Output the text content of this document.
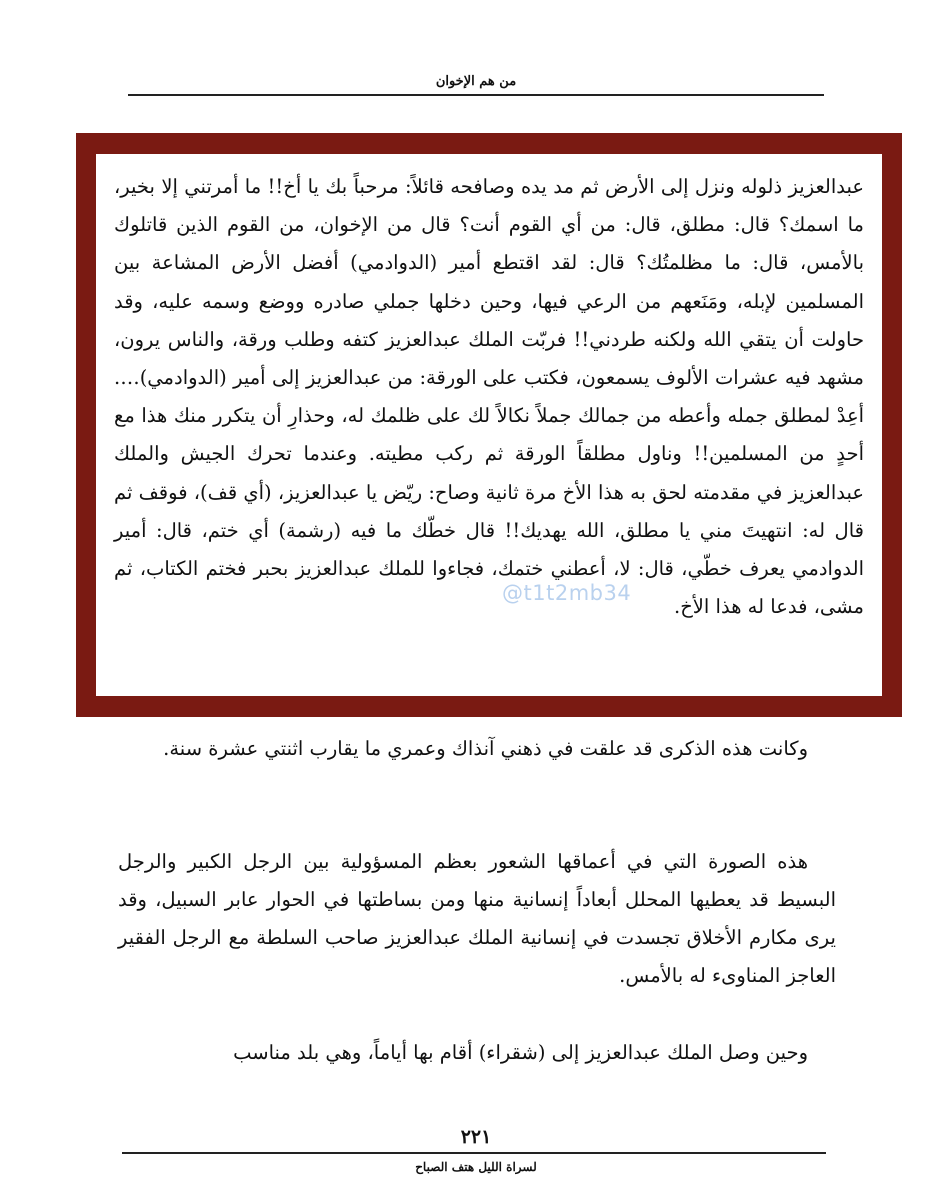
من هم الإخوان

عبدالعزيز ذلوله ونزل إلى الأرض ثم مد يده وصافحه قائلاً: مرحباً بك يا أخ!! ما أمرتني إلا بخير، ما اسمك؟ قال: مطلق، قال: من أي القوم أنت؟ قال من الإخوان، من القوم الذين قاتلوك بالأمس، قال: ما مظلمتُك؟ قال: لقد اقتطع أمير (الدوادمي) أفضل الأرض المشاعة بين المسلمين لإبله، ومَنَعهم من الرعي فيها، وحين دخلها جملي صادره ووضع وسمه عليه، وقد حاولت أن يتقي الله ولكنه طردني!! فربّت الملك عبدالعزيز كتفه وطلب ورقة، والناس يرون، مشهد فيه عشرات الألوف يسمعون، فكتب على الورقة: من عبدالعزيز إلى أمير (الدوادمي)…. أعِدْ لمطلق جمله وأعطه من جمالك جملاً نكالاً لك على ظلمك له، وحذارِ أن يتكرر منك هذا مع أحدٍ من المسلمين!! وناول مطلقاً الورقة ثم ركب مطيته. وعندما تحرك الجيش والملك عبدالعزيز في مقدمته لحق به هذا الأخ مرة ثانية وصاح: ريّض يا عبدالعزيز، (أي قف)، فوقف ثم قال له: انتهيتَ مني يا مطلق، الله يهديك!! قال خطّك ما فيه (رشمة) أي ختم، قال: أمير الدوادمي يعرف خطّي، قال: لا، أعطني ختمك، فجاءوا للملك عبدالعزيز بحبر فختم الكتاب، ثم مشى، فدعا له هذا الأخ.

@t1t2mb34

وكانت هذه الذكرى قد علقت في ذهني آنذاك وعمري ما يقارب اثنتي عشرة سنة.

هذه الصورة التي في أعماقها الشعور بعظم المسؤولية بين الرجل الكبير والرجل البسيط قد يعطيها المحلل أبعاداً إنسانية منها ومن بساطتها في الحوار عابر السبيل، وقد يرى مكارم الأخلاق تجسدت في إنسانية الملك عبدالعزيز صاحب السلطة مع الرجل الفقير العاجز المناوىء له بالأمس.

وحين وصل الملك عبدالعزيز إلى (شقراء) أقام بها أياماً، وهي بلد مناسب

٢٢١
لسراة الليل هتف الصباح
